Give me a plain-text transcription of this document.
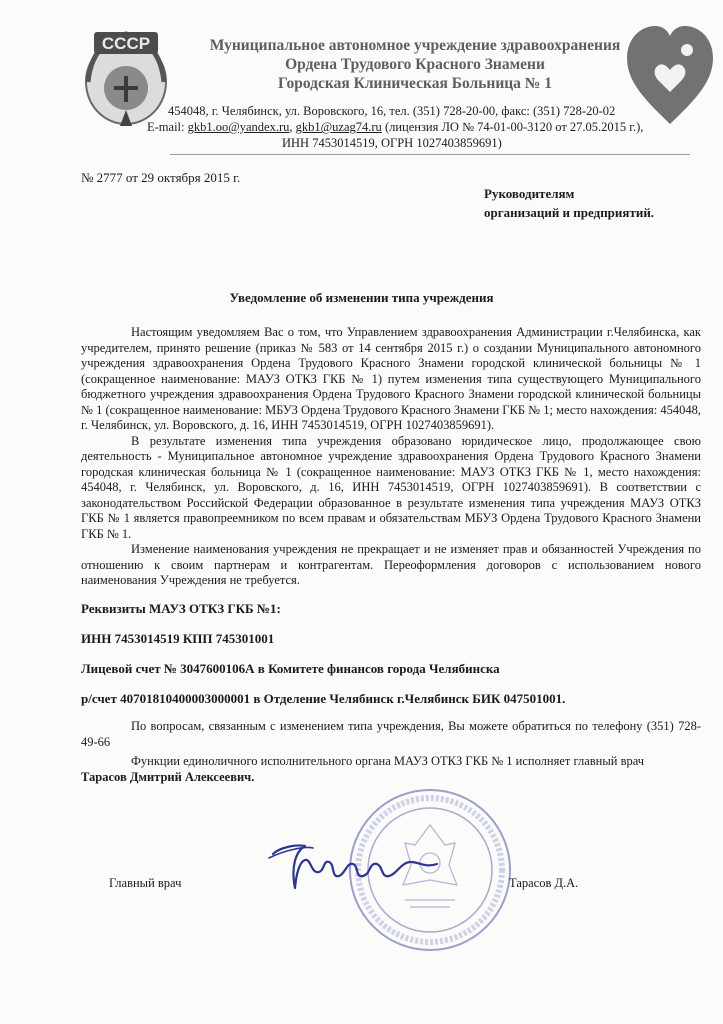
СССР	Муниципальное автономное учреждение здравоохранения
Ордена Трудового Красного Знамени
Городская Клиническая Больница № 1
454048, г. Челябинск, ул. Воровского, 16, тел. (351) 728-20-00, факс: (351) 728-20-02
E-mail: gkb1.oo@yandex.ru, gkb1@uzag74.ru (лицензия ЛО № 74-01-00-3120 от 27.05.2015 г.),
ИНН 7453014519, ОГРН 1027403859691)
№ 2777 от 29 октября 2015 г.
Руководителям
организаций и предприятий.
Уведомление об изменении типа учреждения

Настоящим уведомляем Вас о том, что Управлением здравоохранения Администрации г.Челябинска, как учредителем, принято решение (приказ № 583 от 14 сентября 2015 г.) о создании Муниципального автономного учреждения здравоохранения Ордена Трудового Красного Знамени городской клинической больницы № 1 (сокращенное наименование: МАУЗ ОТКЗ ГКБ № 1) путем изменения типа существующего Муниципального бюджетного учреждения здравоохранения Ордена Трудового Красного Знамени городской клинической больницы № 1 (сокращенное наименование: МБУЗ Ордена Трудового Красного Знамени ГКБ № 1; место нахождения: 454048, г. Челябинск, ул. Воровского, д. 16, ИНН 7453014519, ОГРН 1027403859691).

В результате изменения типа учреждения образовано юридическое лицо, продолжающее свою деятельность - Муниципальное автономное учреждение здравоохранения Ордена Трудового Красного Знамени городская клиническая больница № 1 (сокращенное наименование: МАУЗ ОТКЗ ГКБ № 1, место нахождения: 454048, г. Челябинск, ул. Воровского, д. 16, ИНН 7453014519, ОГРН 1027403859691). В соответствии с законодательством Российской Федерации образованное в результате изменения типа учреждения МАУЗ ОТКЗ ГКБ № 1 является правопреемником по всем правам и обязательствам МБУЗ Ордена Трудового Красного Знамени ГКБ № 1.

Изменение наименования учреждения не прекращает и не изменяет прав и обязанностей Учреждения по отношению к своим партнерам и контрагентам. Переоформления договоров с использованием нового наименования Учреждения не требуется.

Реквизиты МАУЗ ОТКЗ ГКБ №1:
ИНН 7453014519 КПП 745301001
Лицевой счет № 3047600106А в Комитете финансов города Челябинска
р/счет 40701810400003000001 в Отделение Челябинск г.Челябинск БИК 047501001.

По вопросам, связанным с изменением типа учреждения, Вы можете обратиться по телефону (351) 728-49-66

Функции единоличного исполнительного органа МАУЗ ОТКЗ ГКБ № 1 исполняет главный врач

Тарасов Дмитрий Алексеевич.

Главный врач	Тарасов Д.А.
